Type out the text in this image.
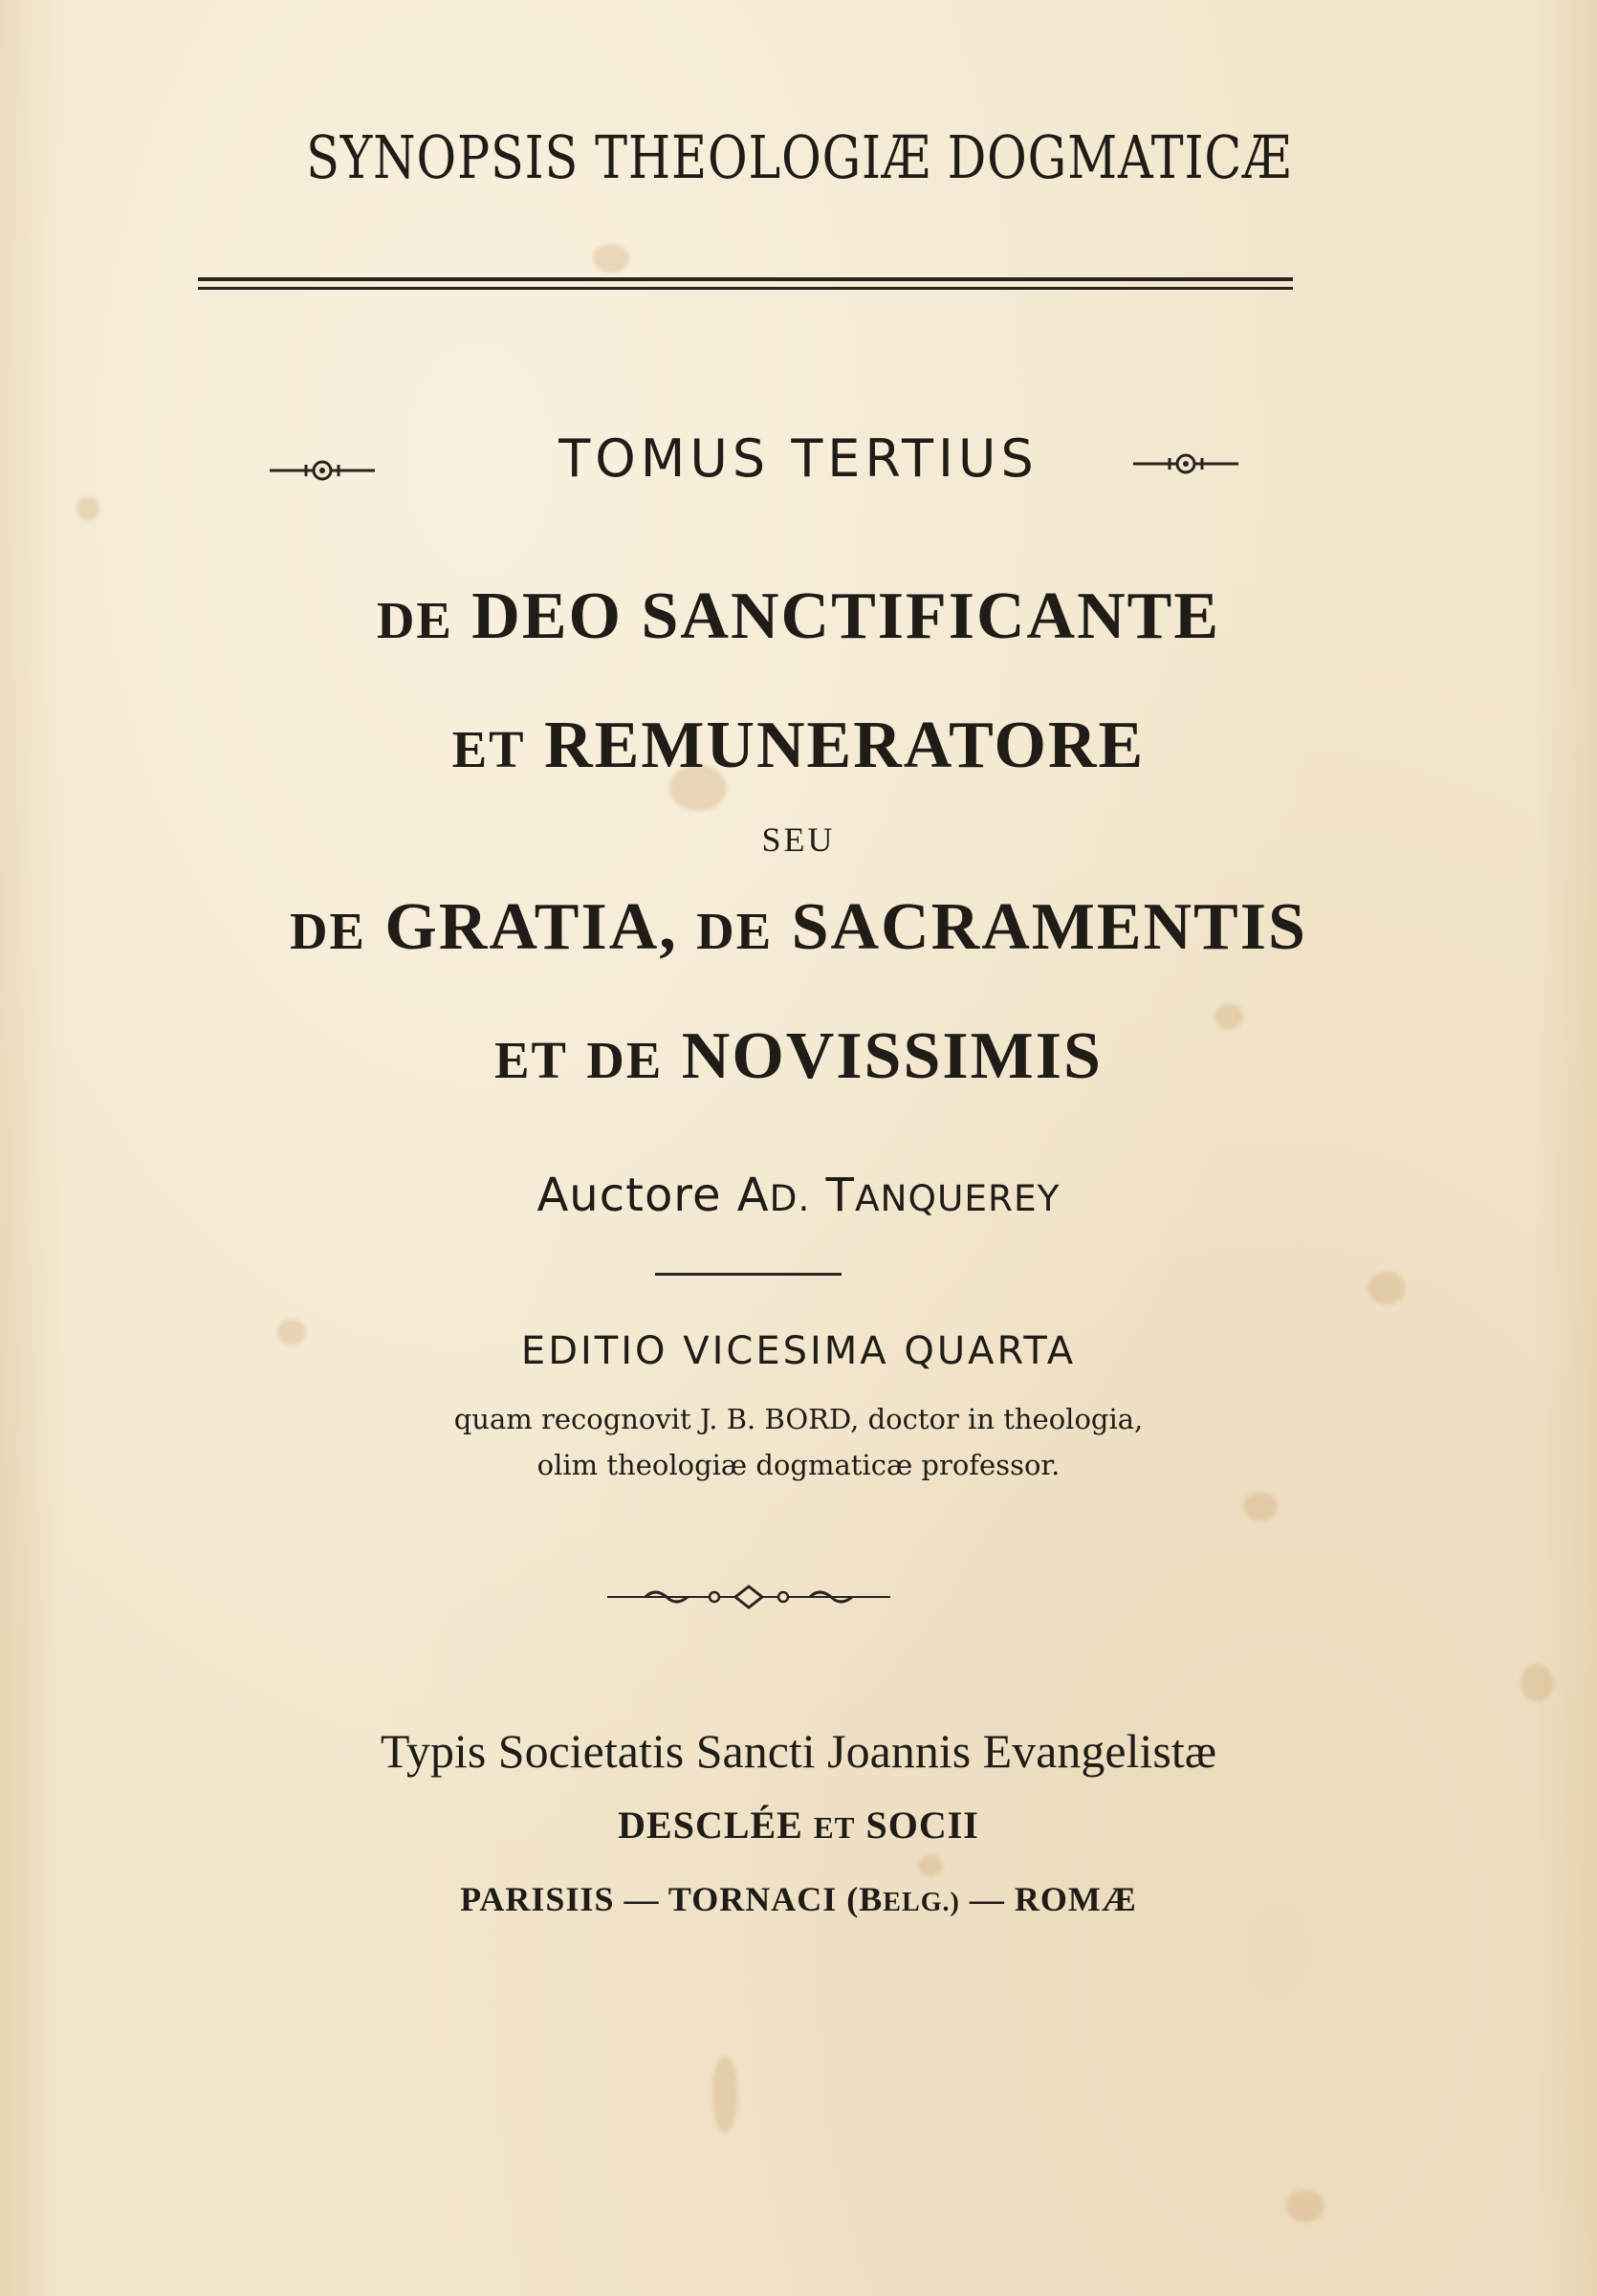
SYNOPSIS THEOLOGIÆ DOGMATICÆ
TOMUS TERTIUS
DE DEO SANCTIFICANTE
ET REMUNERATORE
SEU
DE GRATIA, DE SACRAMENTIS
ET DE NOVISSIMIS
Auctore AD. TANQUEREY
EDITIO VICESIMA QUARTA
quam recognovit J. B. BORD, doctor in theologia,
olim theologiæ dogmaticæ professor.
Typis Societatis Sancti Joannis Evangelistæ
DESCLÉE ET SOCII
PARISIIS — TORNACI (BELG.) — ROMÆ
